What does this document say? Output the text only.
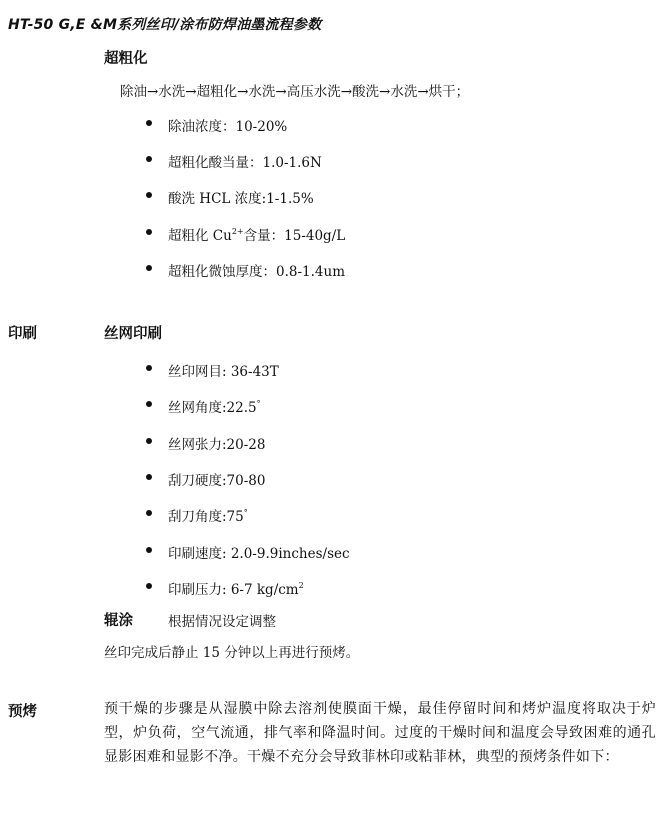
HT-50 G,E &M系列丝印/涂布防焊油墨流程参数
超粗化
除油→水洗→超粗化→水洗→高压水洗→酸洗→水洗→烘干；
除油浓度：10-20%
超粗化酸当量：1.0-1.6N
酸洗 HCL 浓度:1-1.5%
超粗化 $Cu^{2+}$含量：15-40g/L
超粗化微蚀厚度：0.8-1.4um
印刷	丝网印刷
丝印网目: 36-43T
丝网角度:22.5°
丝网张力:20-28
刮刀硬度:70-80
刮刀角度:75°
印刷速度: 2.0-9.9inches/sec
印刷压力: 6-7 $kg/cm^2$
辊涂	根据情况设定调整
丝印完成后静止 15 分钟以上再进行预烤。
预烤	预干燥的步骤是从湿膜中除去溶剂使膜面干燥，最佳停留时间和烤炉温度将取决于炉型，炉负荷，空气流通，排气率和降温时间。过度的干燥时间和温度会导致困难的通孔显影困难和显影不净。干燥不充分会导致菲林印或粘菲林，典型的预烤条件如下：
